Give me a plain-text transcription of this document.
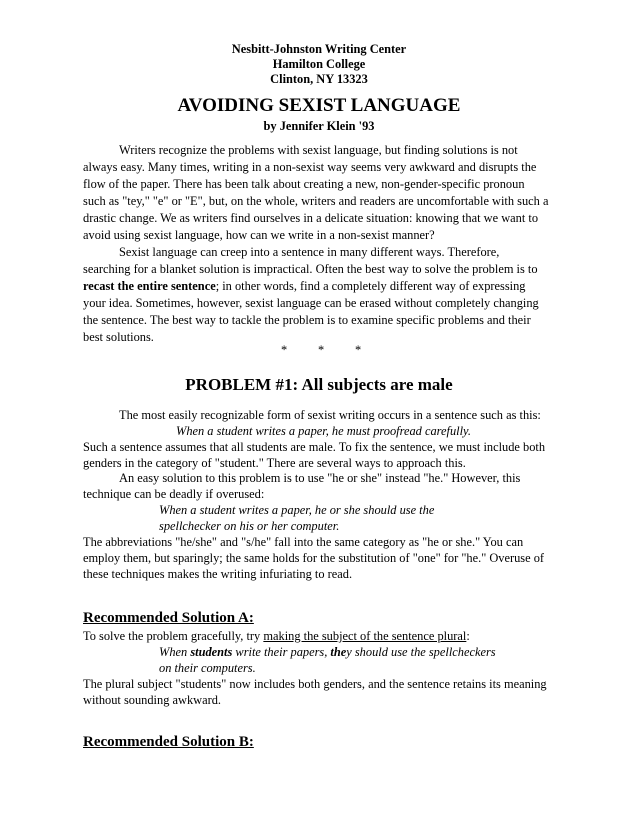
Nesbitt-Johnston Writing Center
Hamilton College
Clinton, NY 13323
AVOIDING SEXIST LANGUAGE
by Jennifer Klein '93
Writers recognize the problems with sexist language, but finding solutions is not
always easy. Many times, writing in a non-sexist way seems very awkward and disrupts the
flow of the paper. There has been talk about creating a new, non-gender-specific pronoun
such as "tey," "e" or "E", but, on the whole, writers and readers are uncomfortable with such a
drastic change. We as writers find ourselves in a delicate situation: knowing that we want to
avoid using sexist language, how can we write in a non-sexist manner?
Sexist language can creep into a sentence in many different ways. Therefore,
searching for a blanket solution is impractical. Often the best way to solve the problem is to
recast the entire sentence; in other words, find a completely different way of expressing
your idea. Sometimes, however, sexist language can be erased without completely changing
the sentence. The best way to tackle the problem is to examine specific problems and their
best solutions.
* * *
PROBLEM #1: All subjects are male
The most easily recognizable form of sexist writing occurs in a sentence such as this:
When a student writes a paper, he must proofread carefully.
Such a sentence assumes that all students are male. To fix the sentence, we must include both
genders in the category of "student." There are several ways to approach this.
An easy solution to this problem is to use "he or she" instead "he." However, this
technique can be deadly if overused:
When a student writes a paper, he or she should use the
spellchecker on his or her computer.
The abbreviations "he/she" and "s/he" fall into the same category as "he or she." You can
employ them, but sparingly; the same holds for the substitution of "one" for "he." Overuse of
these techniques makes the writing infuriating to read.
Recommended Solution A:
To solve the problem gracefully, try making the subject of the sentence plural:
When students write their papers, they should use the spellcheckers
on their computers.
The plural subject "students" now includes both genders, and the sentence retains its meaning
without sounding awkward.
Recommended Solution B:
